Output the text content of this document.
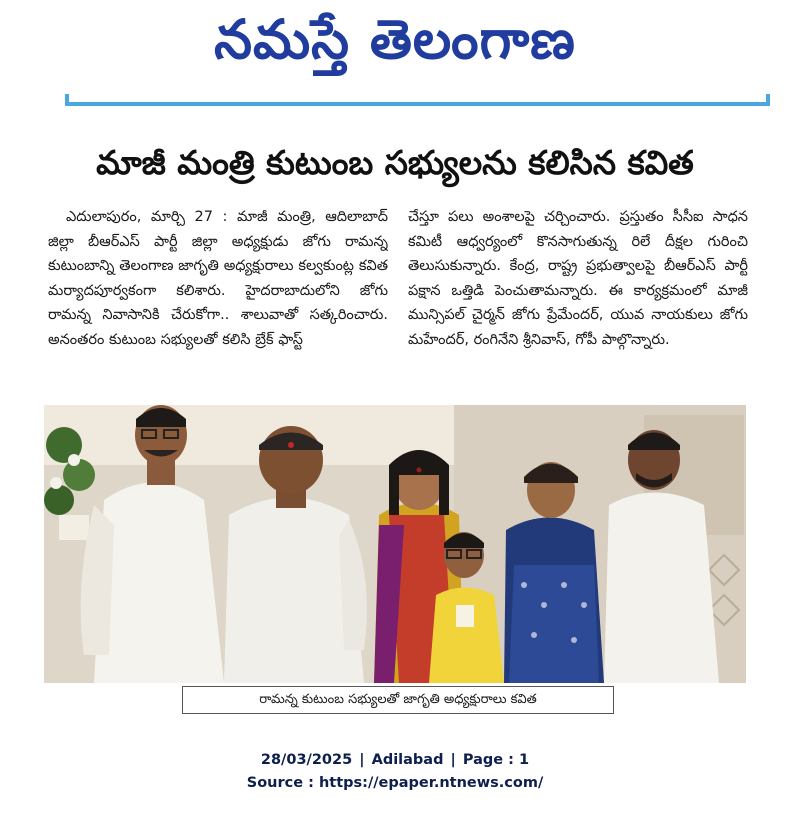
నమస్తే తెలంగాణ
మాజీ మంత్రి కుటుంబ సభ్యులను కలిసిన కవిత
ఎదులాపురం, మార్చి 27 : మాజీ మంత్రి, ఆదిలాబాద్ జిల్లా బీఆర్ఎస్ పార్టీ జిల్లా అధ్యక్షుడు జోగు రామన్న కుటుంబాన్ని తెలంగాణ జాగృతి అధ్యక్షురాలు కల్వకుంట్ల కవిత మర్యాదపూర్వకంగా కలిశారు. హైదరాబాదులోని జోగు రామన్న నివాసానికి చేరుకోగా.. శాలువాతో సత్కరించారు. అనంతరం కుటుంబ సభ్యులతో కలిసి బ్రేక్ ఫాస్ట్
చేస్తూ పలు అంశాలపై చర్చించారు. ప్రస్తుతం సీసీఐ సాధన కమిటీ ఆధ్వర్యంలో కొనసాగుతున్న రిలే దీక్షల గురించి తెలుసుకున్నారు. కేంద్ర, రాష్ట్ర ప్రభుత్వాలపై బీఆర్ఎస్ పార్టీ పక్షాన ఒత్తిడి పెంచుతామన్నారు. ఈ కార్యక్రమంలో మాజీ మున్సిపల్ చైర్మన్ జోగు ప్రేమేందర్, యువ నాయకులు జోగు మహేందర్, రంగినేని శ్రీనివాస్, గోపీ పాల్గొన్నారు.
రామన్న కుటుంబ సభ్యులతో జాగృతి అధ్యక్షురాలు కవిత
28/03/2025 | Adilabad | Page : 1
Source : https://epaper.ntnews.com/
